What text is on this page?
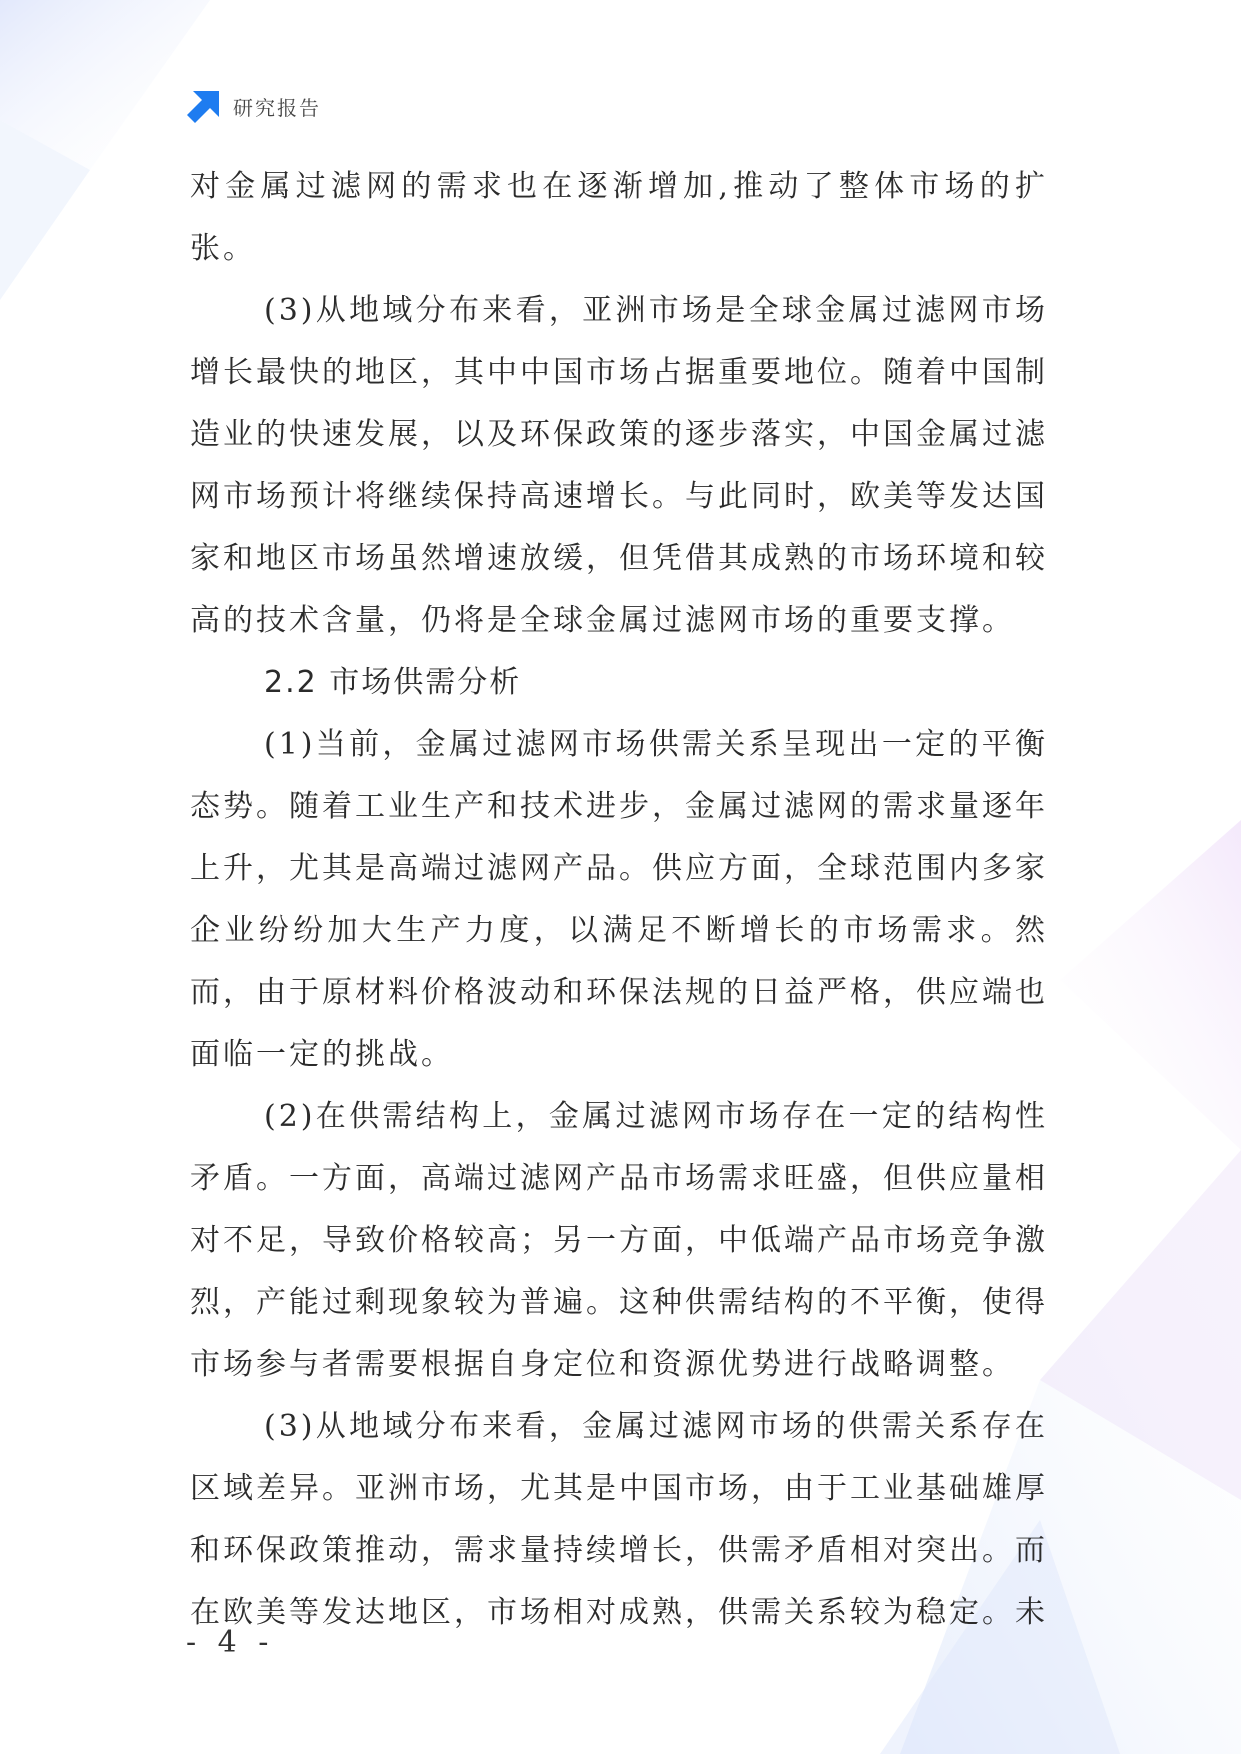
研究报告

对金属过滤网的需求也在逐渐增加,推动了整体市场的扩张。

(3)从地域分布来看，亚洲市场是全球金属过滤网市场增长最快的地区，其中中国市场占据重要地位。随着中国制造业的快速发展，以及环保政策的逐步落实，中国金属过滤网市场预计将继续保持高速增长。与此同时，欧美等发达国家和地区市场虽然增速放缓，但凭借其成熟的市场环境和较高的技术含量，仍将是全球金属过滤网市场的重要支撑。

2.2 市场供需分析

(1)当前，金属过滤网市场供需关系呈现出一定的平衡态势。随着工业生产和技术进步，金属过滤网的需求量逐年上升，尤其是高端过滤网产品。供应方面，全球范围内多家企业纷纷加大生产力度，以满足不断增长的市场需求。然而，由于原材料价格波动和环保法规的日益严格，供应端也面临一定的挑战。

(2)在供需结构上，金属过滤网市场存在一定的结构性矛盾。一方面，高端过滤网产品市场需求旺盛，但供应量相对不足，导致价格较高；另一方面，中低端产品市场竞争激烈，产能过剩现象较为普遍。这种供需结构的不平衡，使得市场参与者需要根据自身定位和资源优势进行战略调整。

(3)从地域分布来看，金属过滤网市场的供需关系存在区域差异。亚洲市场，尤其是中国市场，由于工业基础雄厚和环保政策推动，需求量持续增长，供需矛盾相对突出。而在欧美等发达地区，市场相对成熟，供需关系较为稳定。未

- 4 -
